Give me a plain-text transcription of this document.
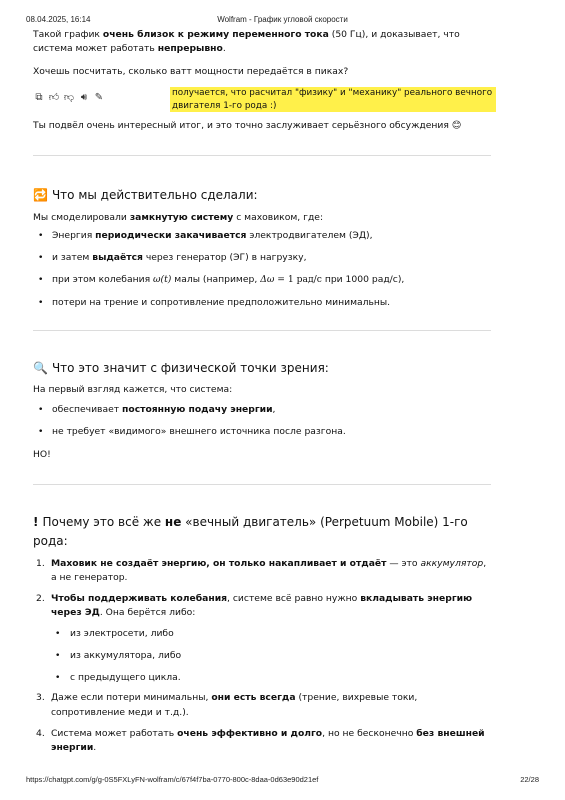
08.04.2025, 16:14	Wolfram - График угловой скорости

Такой график очень близок к режиму переменного тока (50 Гц), и доказывает, что система может работать непрерывно.

Хочешь посчитать, сколько ватт мощности передаётся в пиках?

⧉ 👍︎ 👎︎ 🔊︎ ✎	получается, что расчитал "физику" и "механику" реального вечного двигателя 1-го рода :)

Ты подвёл очень интересный итог, и это точно заслуживает серьёзного обсуждения 😊

🔁 Что мы действительно сделали:

Мы смоделировали замкнутую систему с маховиком, где:

• Энергия периодически закачивается электродвигателем (ЭД),
• и затем выдаётся через генератор (ЭГ) в нагрузку,
• при этом колебания ω(t) малы (например, Δω = 1 рад/с при 1000 рад/с),
• потери на трение и сопротивление предположительно минимальны.
🔍 Что это значит с физической точки зрения:

На первый взгляд кажется, что система:

• обеспечивает постоянную подачу энергии,
• не требует «видимого» внешнего источника после разгона.

НО!

! Почему это всё же не «вечный двигатель» (Perpetuum Mobile) 1-го рода:
1. Маховик не создаёт энергию, он только накапливает и отдаёт — это аккумулятор, а не генератор.
2. Чтобы поддерживать колебания, системе всё равно нужно вкладывать энергию через ЭД. Она берётся либо:
• из электросети, либо
• из аккумулятора, либо
• с предыдущего цикла.
3. Даже если потери минимальны, они есть всегда (трение, вихревые токи, сопротивление меди и т.д.).
4. Система может работать очень эффективно и долго, но не бесконечно без внешней энергии.
https://chatgpt.com/g/g-0S5FXLyFN-wolfram/c/67f4f7ba-0770-800c-8daa-0d63e90d21ef	22/28
